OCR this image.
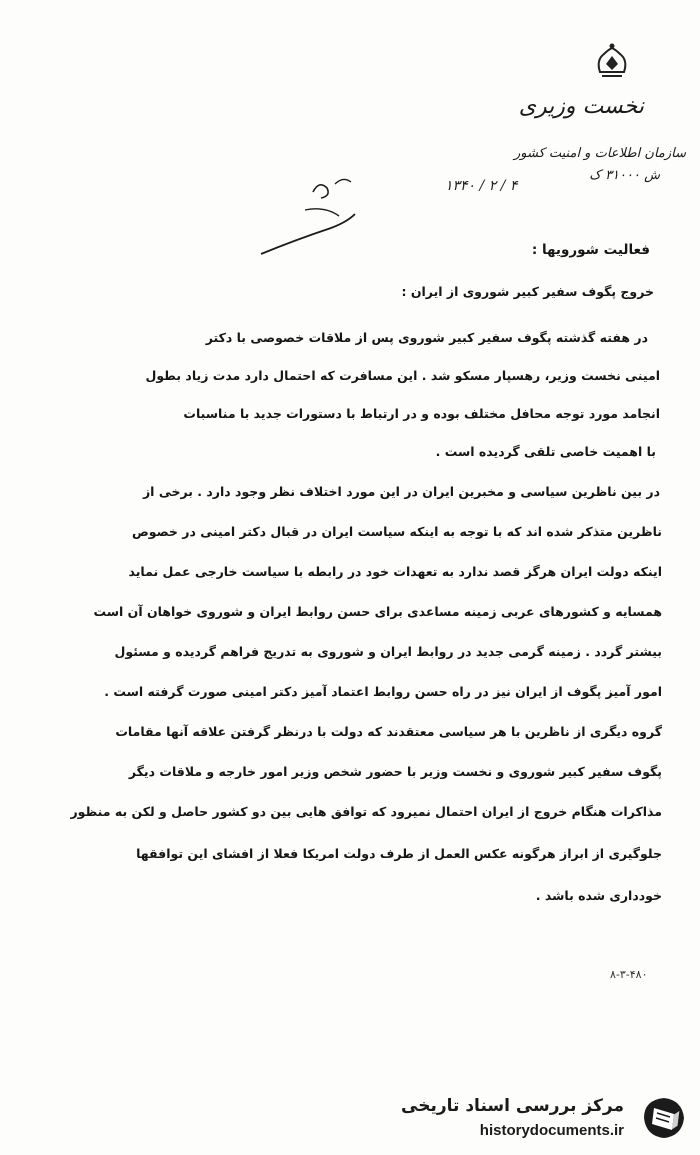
نخست وزیری
سازمان اطلاعات و امنیت کشور
ش ۳۱۰۰۰ ک
۱۳۴۰ / ۲ / ۴
فعالیت شورویها :
خروج پگوف سفیر کبیر شوروی از ایران :
در هفته گذشته پگوف سفیر کبیر شوروی پس از ملاقات خصوصی با دکتر
امینی نخست وزیر، رهسپار مسکو شد . این مسافرت که احتمال دارد مدت زیاد بطول
انجامد مورد توجه محافل مختلف بوده و در ارتباط با دستورات جدید با مناسبات
با اهمیت خاصی تلقی گردیده است .
در بین ناظرین سیاسی و مخبرین ایران در این مورد اختلاف نظر وجود دارد . برخی از
ناظرین متذکر شده اند که با توجه به اینکه سیاست ایران در قبال دکتر امینی در خصوص
اینکه دولت ایران هرگز قصد ندارد به تعهدات خود در رابطه با سیاست خارجی عمل نماید
همسایه و کشورهای عربی زمینه مساعدی برای حسن روابط ایران و شوروی خواهان آن است
بیشتر گردد . زمینه گرمی جدید در روابط ایران و شوروی به تدریج فراهم گردیده و مسئول
امور آمیز پگوف از ایران نیز در راه حسن روابط اعتماد آمیز دکتر امینی صورت گرفته است .
گروه دیگری از ناظرین با هر سیاسی معتقدند که دولت با درنظر گرفتن علاقه آنها مقامات
پگوف سفیر کبیر شوروی و نخست وزیر با حضور شخص وزیر امور خارجه و ملاقات دیگر
مذاکرات هنگام خروج از ایران احتمال نمیرود که توافق هایی بین دو کشور حاصل و لکن به منظور
جلوگیری از ابراز هرگونه عکس العمل از طرف دولت امریکا فعلا از افشای این توافقها
خودداری شده باشد .
۸-۳-۴۸۰
مرکز بررسی اسناد تاریخی
historydocuments.ir
